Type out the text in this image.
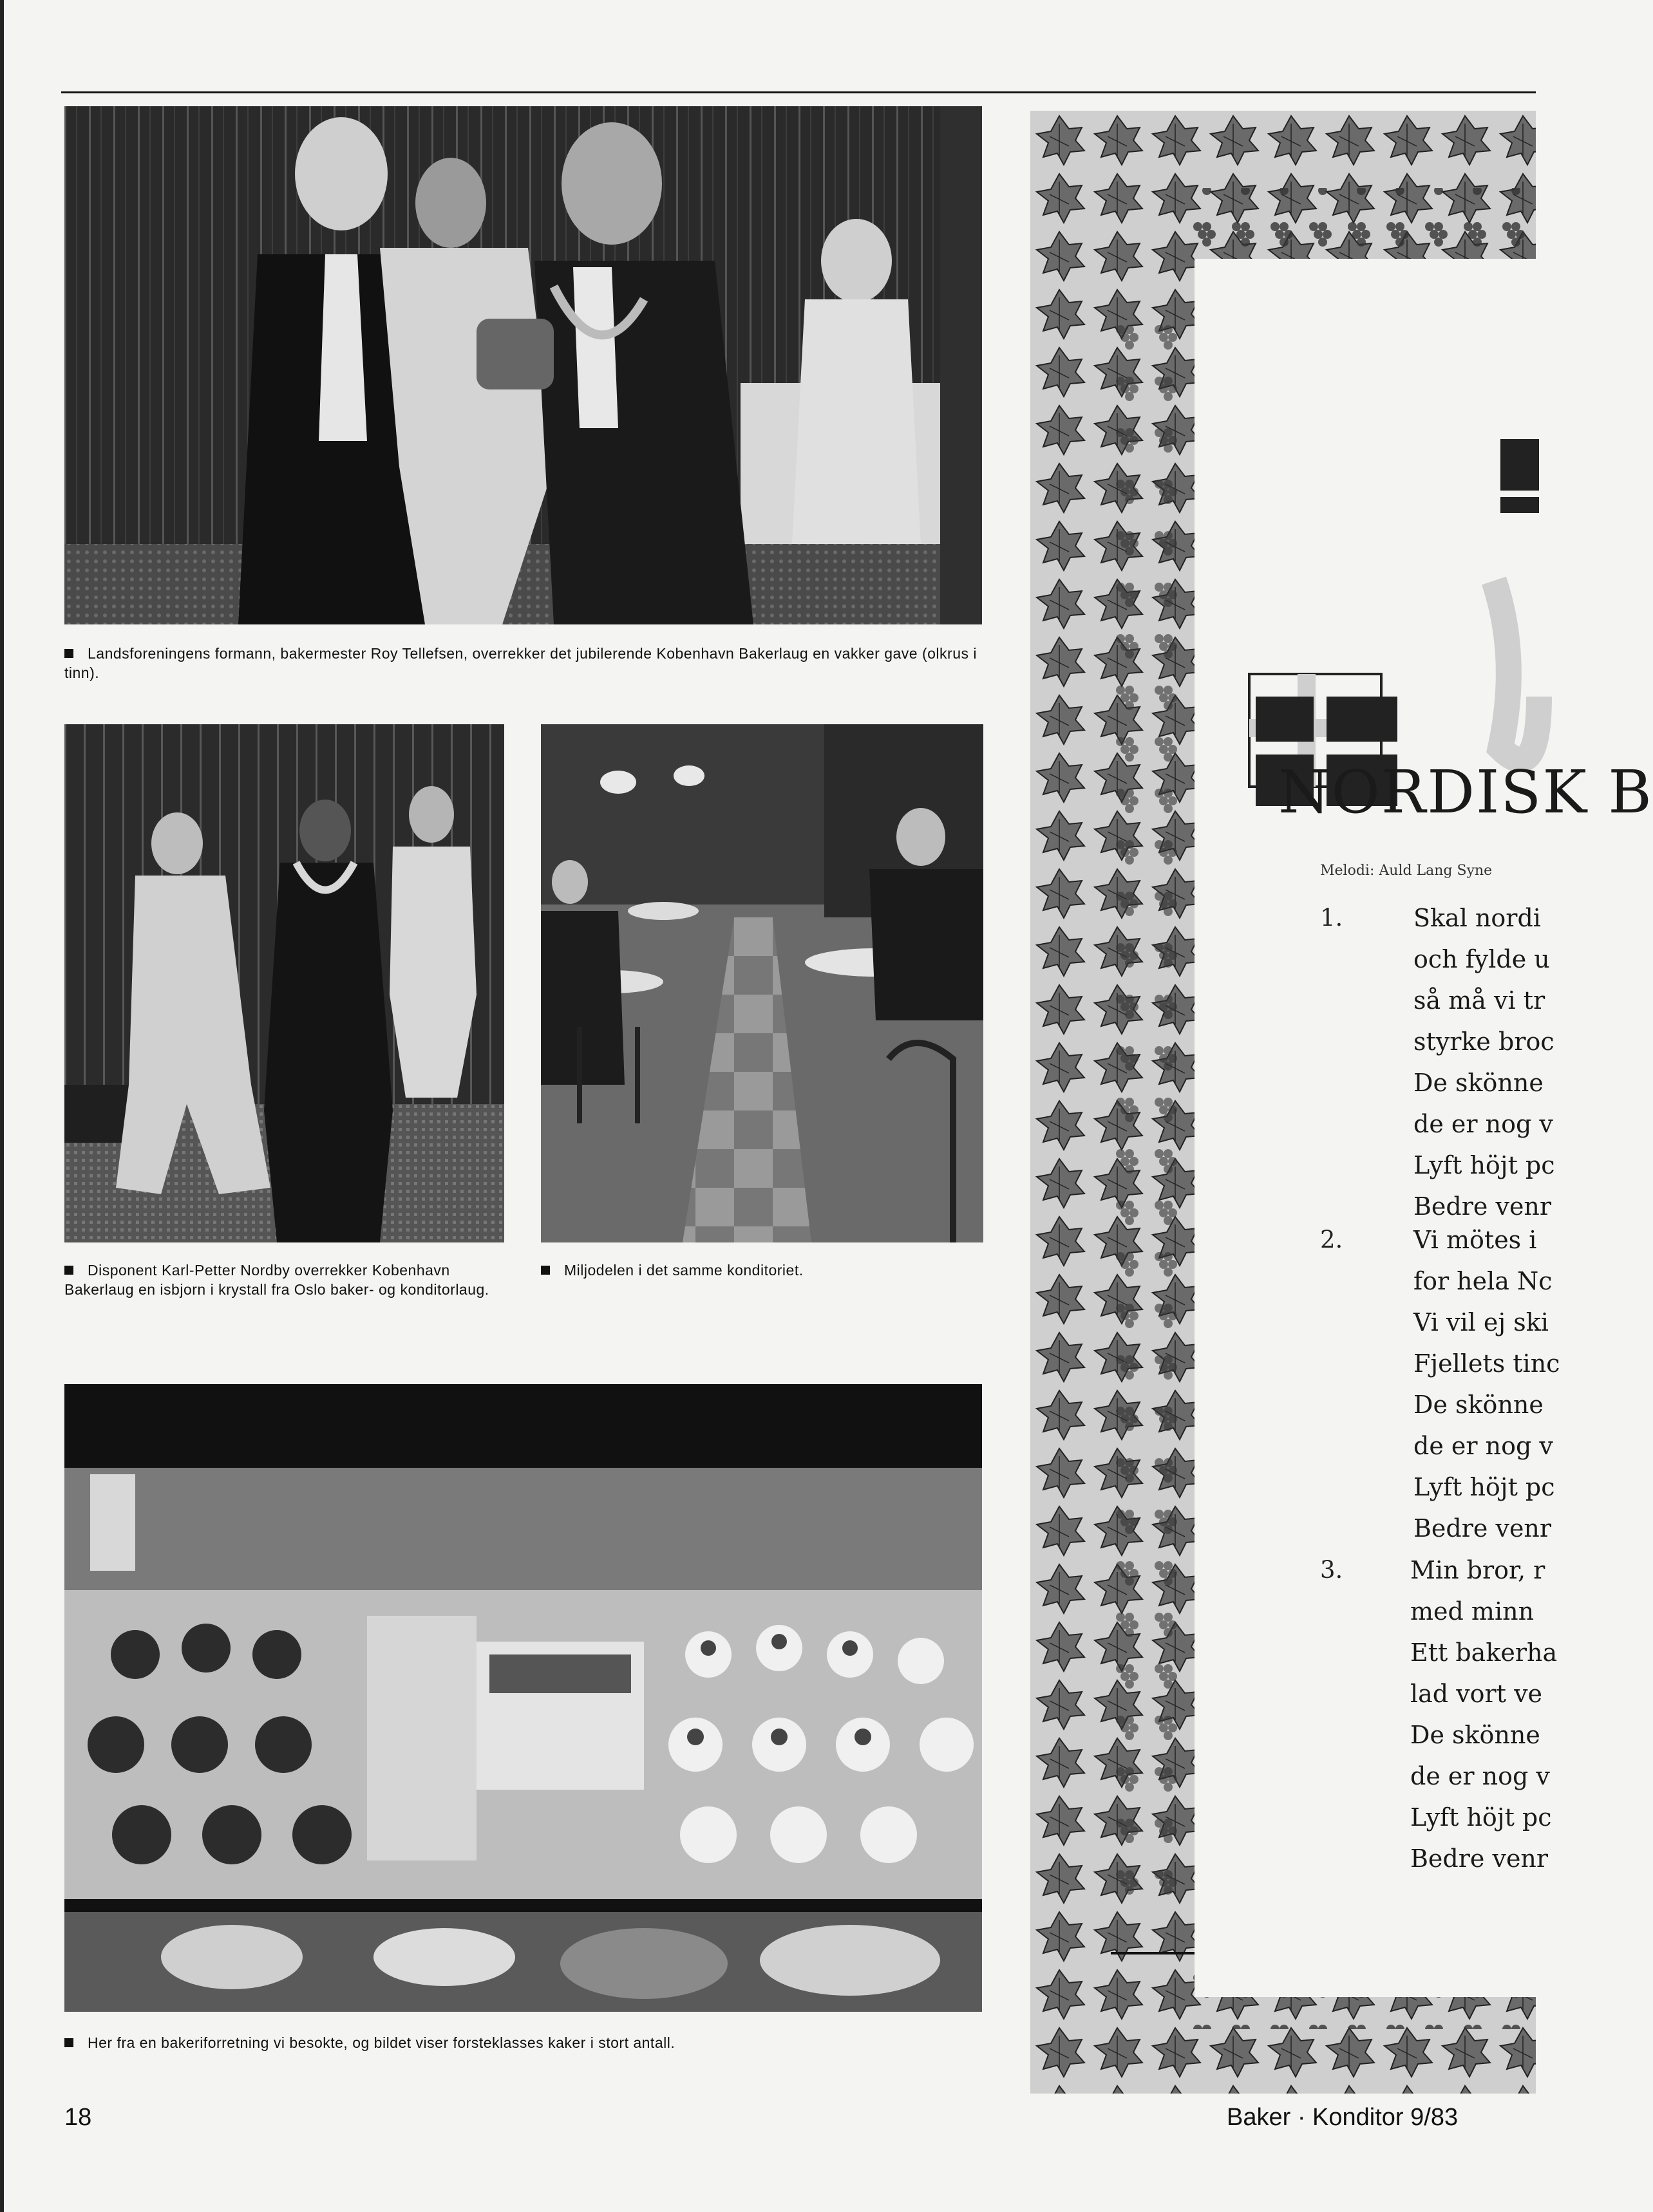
Landsforeningens formann, bakermester Roy Tellefsen, overrekker det jubilerende Kobenhavn Bakerlaug en vakker gave (olkrus i tinn).
Disponent Karl-Petter Nordby overrekker Kobenhavn Bakerlaug en isbjorn i krystall fra Oslo baker- og konditorlaug.
Miljodelen i det samme konditoriet.
Her fra en bakeriforretning vi besokte, og bildet viser forsteklasses kaker i stort antall.
18	Baker · Konditor 9/83
NORDISK B
Melodi: Auld Lang Syne
1.	Skal nordi
och fylde u
så må vi tr
styrke broc
De skönne
de er nog v
Lyft höjt pc
Bedre venr
2.	Vi mötes i
for hela Nc
Vi vil ej ski
Fjellets tinc
De skönne
de er nog v
Lyft höjt pc
Bedre venr
3.	Min bror, r
med minn
Ett bakerha
lad vort ve
De skönne
de er nog v
Lyft höjt pc
Bedre venr
